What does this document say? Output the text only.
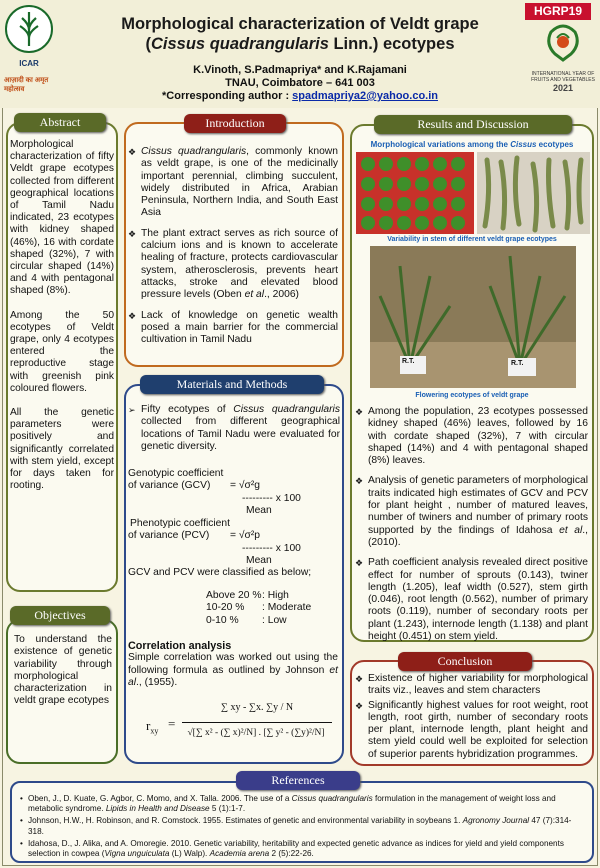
ICAR
आज़ादी का अमृत महोत्सव
Morphological characterization of Veldt grape
(Cissus quadrangularis Linn.) ecotypes
K.Vinoth, S.Padmapriya* and K.Rajamani
TNAU, Coimbatore – 641 003
*Corresponding author : spadmapriya2@yahoo.co.in
HGRP19
INTERNATIONAL YEAR OF FRUITS AND VEGETABLES
2021
Abstract
Morphological characterization of fifty Veldt grape ecotypes collected from different geographical locations of Tamil Nadu indicated, 23 ecotypes with kidney shaped (46%), 16 with cordate shaped (32%), 7 with circular shaped (14%) and 4 with pentagonal shaped (8%).
Among the 50 ecotypes of Veldt grape, only 4 ecotypes entered the reproductive stage with greenish pink coloured flowers.
All the genetic parameters were positively and significantly correlated with stem yield, except for days taken for rooting.
Objectives
To understand the existence of genetic variability through morphological characterization in veldt grape ecotypes
Introduction
❖ Cissus quadrangularis, commonly known as veldt grape, is one of the medicinally important perennial, climbing succulent, widely distributed in Africa, Arabian Peninsula, Northern India, and South East Asia
❖ The plant extract serves as rich source of calcium ions and is known to accelerate healing of fracture, protects cardiovascular system, atherosclerosis, prevents heart attacks, stroke and elevated blood pressure levels (Oben et al., 2006)
❖ Lack of knowledge on genetic wealth posed a main barrier for the commercial cultivation in Tamil Nadu
Materials and Methods
➢ Fifty ecotypes of Cissus quadrangularis collected from different geographical locations of Tamil Nadu were evaluated for genetic diversity.
Genotypic coefficient
of variance (GCV) = √σ²g
--------- x 100
Mean
Phenotypic coefficient
of variance (PCV) = √σ²p
--------- x 100
Mean
GCV and PCV were classified as below;
Above 20 %: High
10-20 % : Moderate
0-10 % : Low
Correlation analysis
Simple correlation was worked out using the following formula as outlined by Johnson et al., (1955).
$r_{xy}$
=
∑ xy - ∑x. ∑y / N
√[∑ x² - (∑ x)²/N] . [∑ y² - (∑y)²/N]
Results and Discussion
Morphological variations among the Cissus ecotypes
Variability in stem of different veldt grape ecotypes
R.T.	R.T.
Flowering ecotypes of veldt grape
❖ Among the population, 23 ecotypes possessed kidney shaped (46%) leaves, followed by 16 with cordate shaped (32%), 7 with circular shaped (14%) and 4 with pentagonal shaped (8%) leaves.
❖ Analysis of genetic parameters of morphological traits indicated high estimates of GCV and PCV for plant height , number of matured leaves, number of twiners and number of primary roots supported by the findings of Idahosa et al., (2010).
❖ Path coefficient analysis revealed direct positive effect for number of sprouts (0.143), twiner length (1.205), leaf width (0.527), stem girth (0.046), root length (0.562), number of primary roots (0.119), number of secondary roots per plant (1.243), internode length (1.138) and plant height (0.451) on stem yield.
Conclusion
❖ Existence of higher variability for morphological traits viz., leaves and stem characters
❖ Significantly highest values for root weight, root length, root girth, number of secondary roots per plant, internode length, plant height and stem yield could well be exploited for selection of superior parents hybridization programmes.
References
• Oben, J., D. Kuate, G. Agbor, C. Momo, and X. Talla. 2006. The use of a Cissus quadrangularis formulation in the management of weight loss and metabolic syndrome. Lipids in Health and Disease 5 (1):1-7.
• Johnson, H.W., H. Robinson, and R. Comstock. 1955. Estimates of genetic and environmental variability in soybeans 1. Agronomy Journal 47 (7):314-318.
• Idahosa, D., J. Alika, and A. Omoregie. 2010. Genetic variability, heritability and expected genetic advance as indices for yield and yield components selection in cowpea (Vigna unguiculata (L) Walp). Academia arena 2 (5):22-26.
